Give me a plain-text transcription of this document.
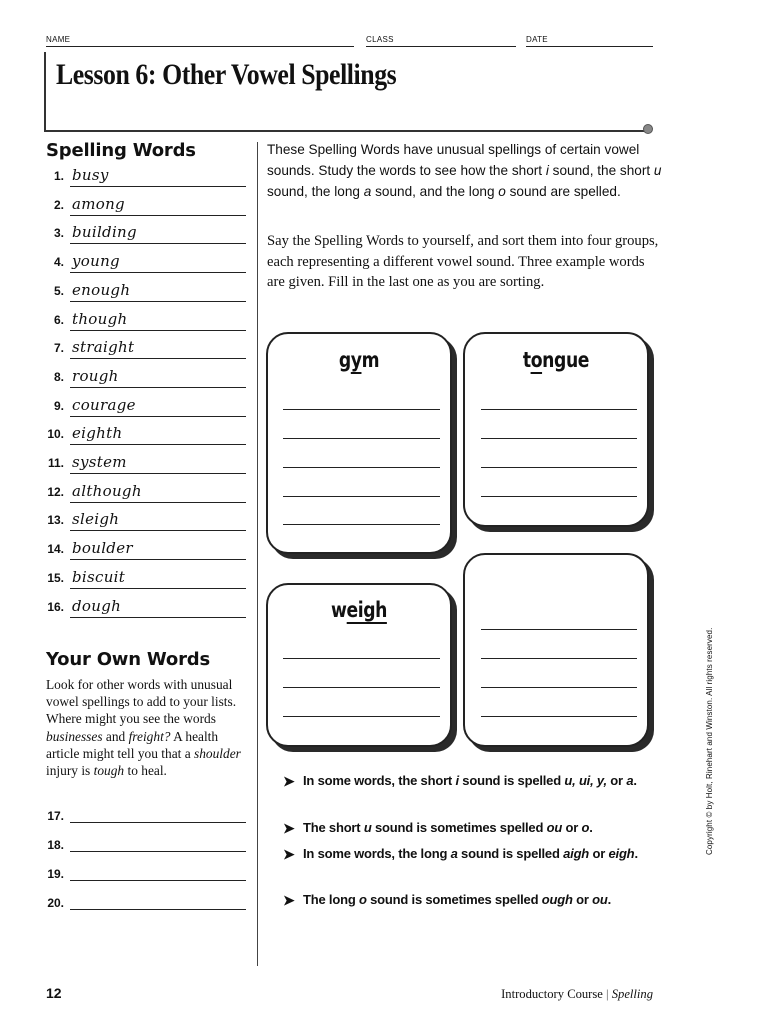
NAME	CLASS	DATE
Lesson 6: Other Vowel Spellings
Spelling Words
1. busy
2. among
3. building
4. young
5. enough
6. though
7. straight
8. rough
9. courage
10. eighth
11. system
12. although
13. sleigh
14. boulder
15. biscuit
16. dough
Your Own Words
Look for other words with unusual vowel spellings to add to your lists. Where might you see the words businesses and freight? A health article might tell you that a shoulder injury is tough to heal.
17.
18.
19.
20.
These Spelling Words have unusual spellings of certain vowel sounds. Study the words to see how the short i sound, the short u sound, the long a sound, and the long o sound are spelled.
Say the Spelling Words to yourself, and sort them into four groups, each representing a different vowel sound. Three example words are given. Fill in the last one as you are sorting.
gym	tongue
weigh
➤ In some words, the short i sound is spelled u, ui, y, or a.
➤ The short u sound is sometimes spelled ou or o.
➤ In some words, the long a sound is spelled aigh or eigh.
➤ The long o sound is sometimes spelled ough or ou.
Copyright © by Holt, Rinehart and Winston. All rights reserved.
12	Introductory Course | Spelling
